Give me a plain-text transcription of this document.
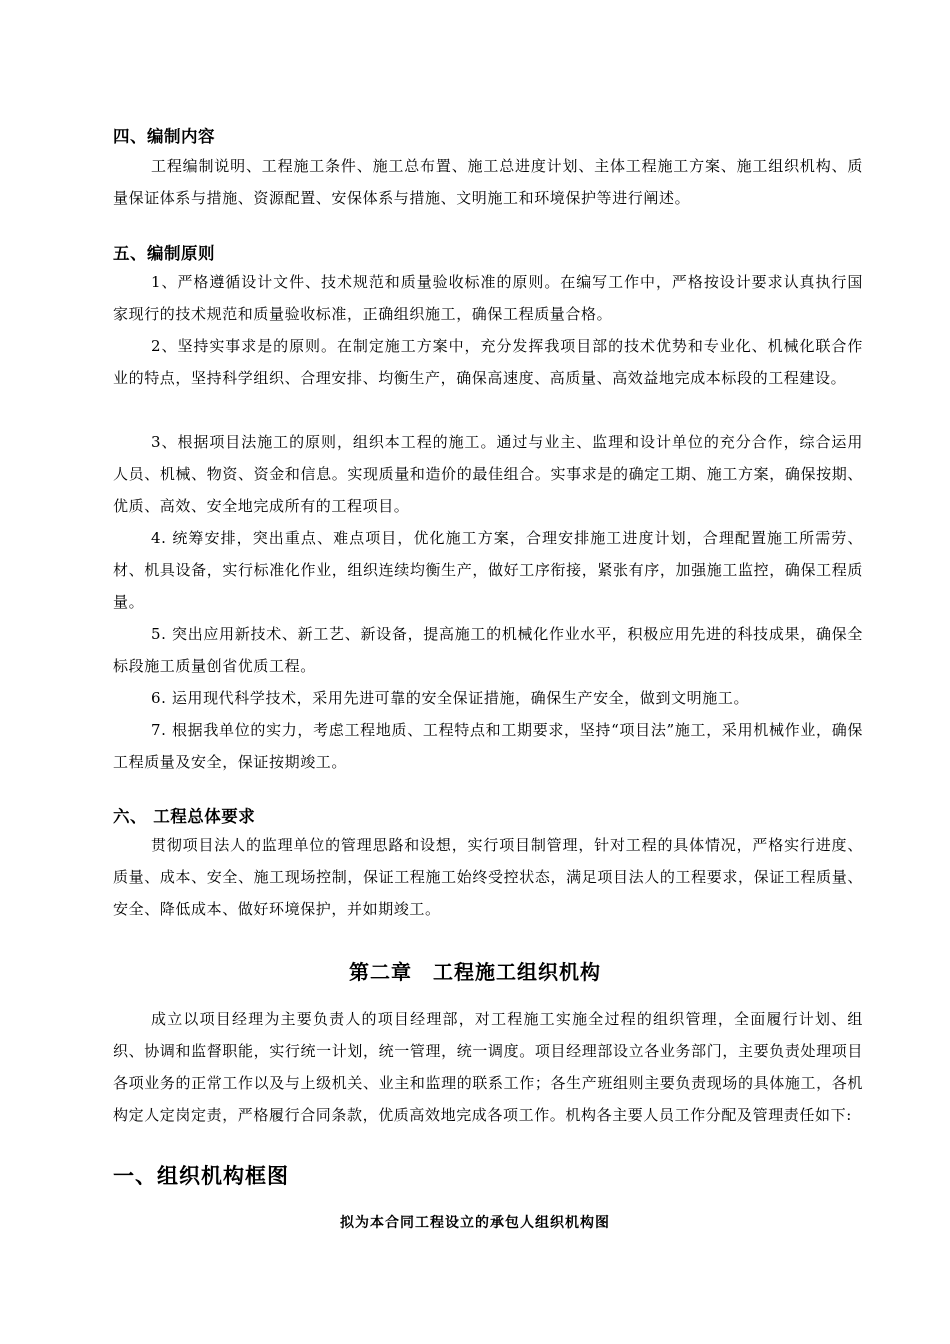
四、编制内容

工程编制说明、工程施工条件、施工总布置、施工总进度计划、主体工程施工方案、施工组织机构、质量保证体系与措施、资源配置、安保体系与措施、文明施工和环境保护等进行阐述。

五、编制原则

1、严格遵循设计文件、技术规范和质量验收标准的原则。在编写工作中，严格按设计要求认真执行国家现行的技术规范和质量验收标准，正确组织施工，确保工程质量合格。

2、坚持实事求是的原则。在制定施工方案中，充分发挥我项目部的技术优势和专业化、机械化联合作业的特点，坚持科学组织、合理安排、均衡生产，确保高速度、高质量、高效益地完成本标段的工程建设。

3、根据项目法施工的原则，组织本工程的施工。通过与业主、监理和设计单位的充分合作，综合运用人员、机械、物资、资金和信息。实现质量和造价的最佳组合。实事求是的确定工期、施工方案，确保按期、优质、高效、安全地完成所有的工程项目。

4. 统筹安排，突出重点、难点项目，优化施工方案，合理安排施工进度计划，合理配置施工所需劳、材、机具设备，实行标准化作业，组织连续均衡生产，做好工序衔接，紧张有序，加强施工监控，确保工程质量。

5. 突出应用新技术、新工艺、新设备，提高施工的机械化作业水平，积极应用先进的科技成果，确保全标段施工质量创省优质工程。

6. 运用现代科学技术，采用先进可靠的安全保证措施，确保生产安全，做到文明施工。

7. 根据我单位的实力，考虑工程地质、工程特点和工期要求，坚持“项目法”施工，采用机械作业，确保工程质量及安全，保证按期竣工。

六、 工程总体要求

贯彻项目法人的监理单位的管理思路和设想，实行项目制管理，针对工程的具体情况，严格实行进度、质量、成本、安全、施工现场控制，保证工程施工始终受控状态，满足项目法人的工程要求，保证工程质量、安全、降低成本、做好环境保护，并如期竣工。

第二章　工程施工组织机构

成立以项目经理为主要负责人的项目经理部，对工程施工实施全过程的组织管理，全面履行计划、组织、协调和监督职能，实行统一计划，统一管理，统一调度。项目经理部设立各业务部门，主要负责处理项目各项业务的正常工作以及与上级机关、业主和监理的联系工作；各生产班组则主要负责现场的具体施工，各机构定人定岗定责，严格履行合同条款，优质高效地完成各项工作。机构各主要人员工作分配及管理责任如下:

一、组织机构框图
拟为本合同工程设立的承包人组织机构图
